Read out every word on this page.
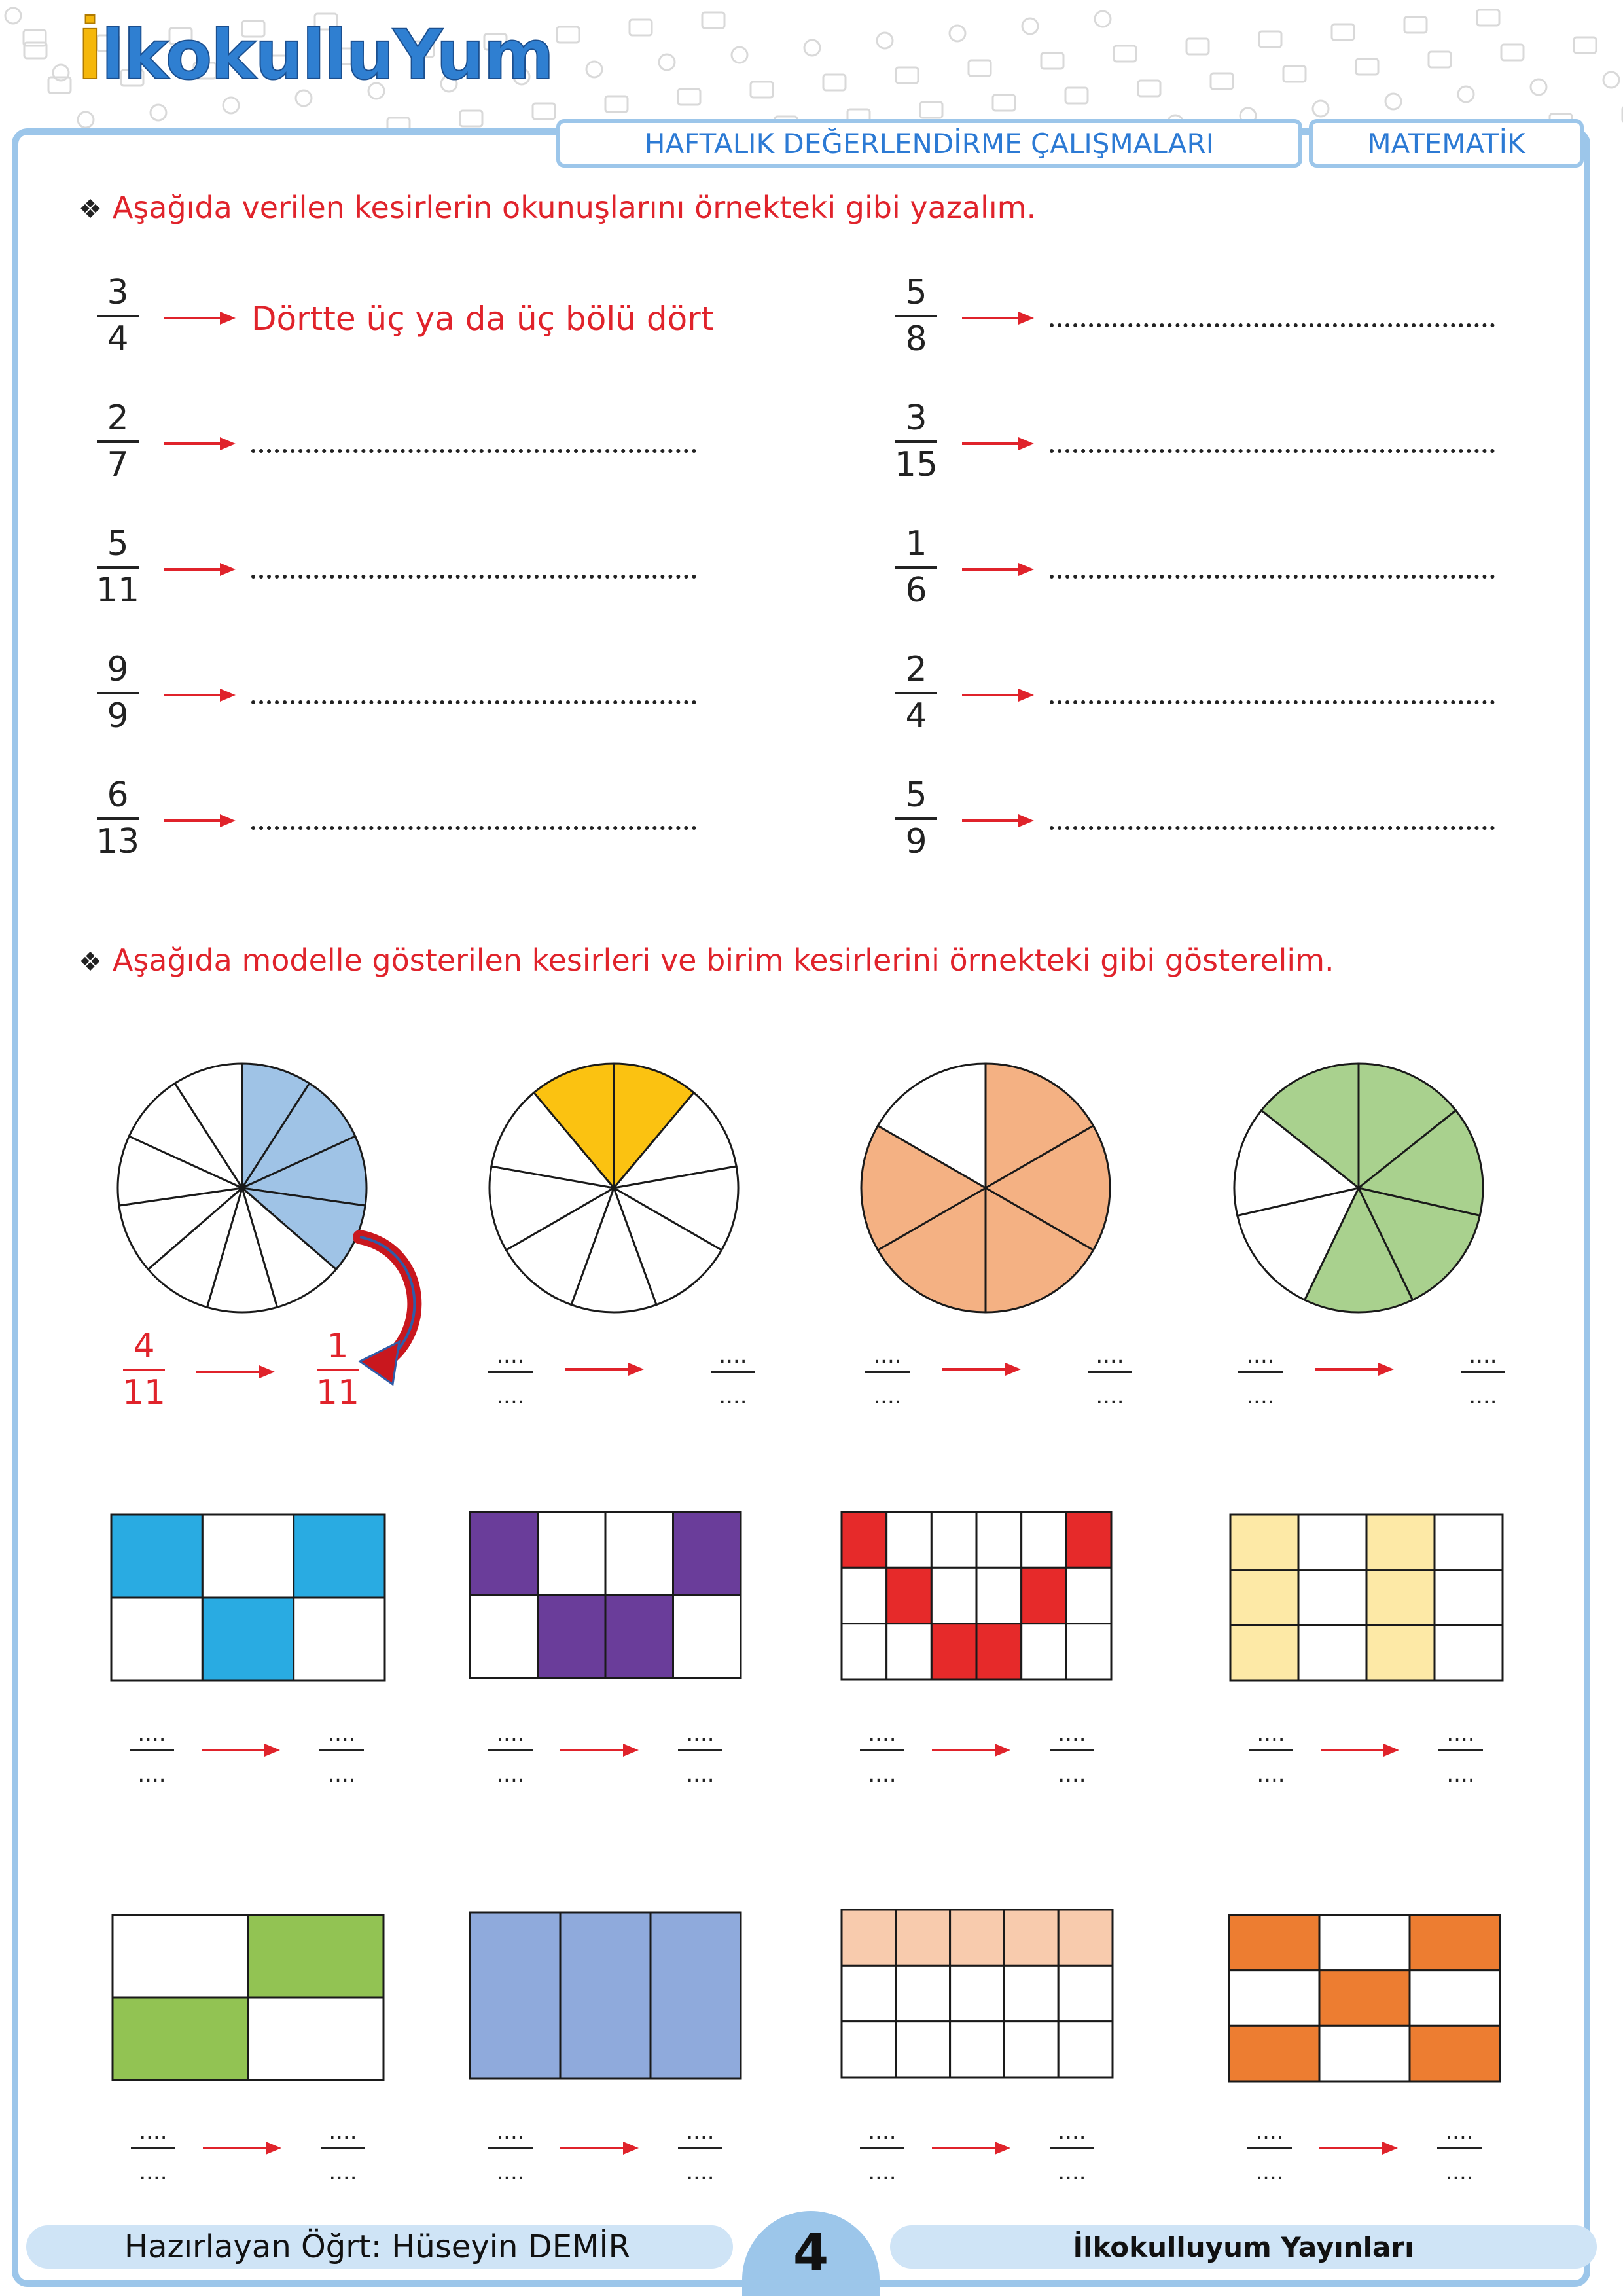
İlkokulluYum
HAFTALIK DEĞERLENDİRME ÇALIŞMALARI	MATEMATİK
❖ Aşağıda verilen kesirlerin okunuşlarını örnekteki gibi yazalım.
3
4
Dörtte üç ya da üç bölü dört
2
7
5
11
9
9
6
13
5
8
3
15
1
6
2
4
5
9
❖ Aşağıda modelle gösterilen kesirleri ve birim kesirlerini örnekteki gibi gösterelim.
4
11
1
11
....
....
....
....
....
....
....
....
....
....
....
....
....
....
....
....
....
....
....
....
....
....
....
....
....
....
....
....
....
....
....
....
....
....
....
....
....
....
....
....
....
....
....
....
Hazırlayan Öğrt: Hüseyin DEMİR	İlkokulluyum Yayınları
4
